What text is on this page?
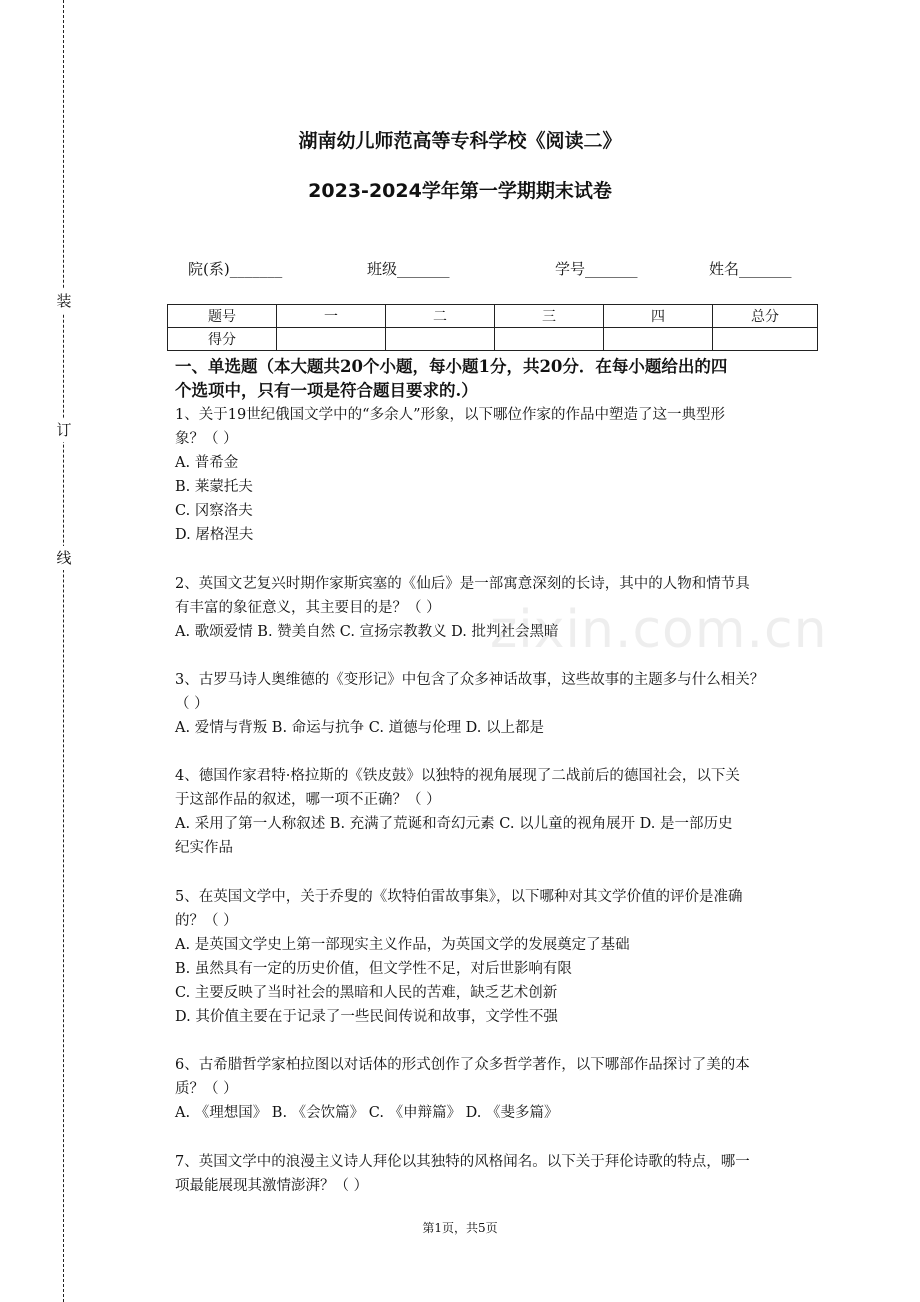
装
订
线
湖南幼儿师范高等专科学校《阅读二》
2023-2024学年第一学期期末试卷
院(系)_______	班级_______	学号_______	姓名_______
题号	一	二	三	四	总分
得分					
一、单选题（本大题共20个小题，每小题1分，共20分．在每小题给出的四
个选项中，只有一项是符合题目要求的.）
zixin.com.cn

1、关于19世纪俄国文学中的“多余人”形象，以下哪位作家的作品中塑造了这一典型形

象？（ ）

A. 普希金

B. 莱蒙托夫

C. 冈察洛夫

D. 屠格涅夫

2、英国文艺复兴时期作家斯宾塞的《仙后》是一部寓意深刻的长诗，其中的人物和情节具

有丰富的象征意义，其主要目的是？（ ）

A. 歌颂爱情 B. 赞美自然 C. 宣扬宗教教义 D. 批判社会黑暗

3、古罗马诗人奥维德的《变形记》中包含了众多神话故事，这些故事的主题多与什么相关？

（ ）

A. 爱情与背叛 B. 命运与抗争 C. 道德与伦理 D. 以上都是

4、德国作家君特·格拉斯的《铁皮鼓》以独特的视角展现了二战前后的德国社会，以下关

于这部作品的叙述，哪一项不正确？（ ）

A. 采用了第一人称叙述 B. 充满了荒诞和奇幻元素 C. 以儿童的视角展开 D. 是一部历史

纪实作品

5、在英国文学中，关于乔叟的《坎特伯雷故事集》，以下哪种对其文学价值的评价是准确

的？（ ）

A. 是英国文学史上第一部现实主义作品，为英国文学的发展奠定了基础

B. 虽然具有一定的历史价值，但文学性不足，对后世影响有限

C. 主要反映了当时社会的黑暗和人民的苦难，缺乏艺术创新

D. 其价值主要在于记录了一些民间传说和故事，文学性不强

6、古希腊哲学家柏拉图以对话体的形式创作了众多哲学著作，以下哪部作品探讨了美的本

质？（ ）

A. 《理想国》 B. 《会饮篇》 C. 《申辩篇》 D. 《斐多篇》

7、英国文学中的浪漫主义诗人拜伦以其独特的风格闻名。以下关于拜伦诗歌的特点，哪一

项最能展现其激情澎湃？（ ）

第1页，共5页
